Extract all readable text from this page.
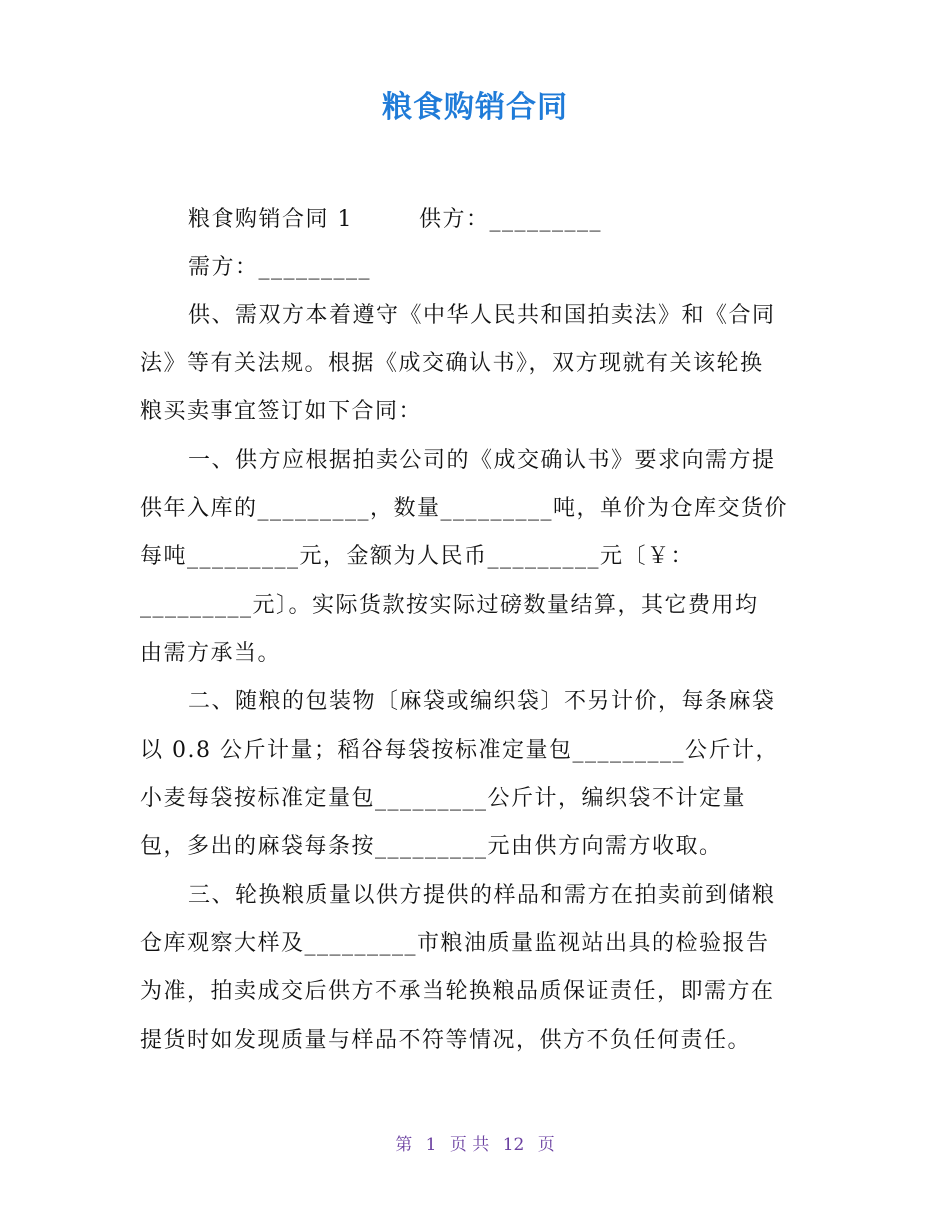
粮食购销合同
粮食购销合同 1	供方：_________
需方：_________
供、需双方本着遵守《中华人民共和国拍卖法》和《合同
法》等有关法规。根据《成交确认书》，双方现就有关该轮换
粮买卖事宜签订如下合同：
一、供方应根据拍卖公司的《成交确认书》要求向需方提
供年入库的_________，数量_________吨，单价为仓库交货价
每吨_________元，金额为人民币_________元〔￥：
_________元〕。实际货款按实际过磅数量结算，其它费用均
由需方承当。
二、随粮的包装物〔麻袋或编织袋〕不另计价，每条麻袋
以 0.8 公斤计量；稻谷每袋按标准定量包_________公斤计，
小麦每袋按标准定量包_________公斤计，编织袋不计定量
包，多出的麻袋每条按_________元由供方向需方收取。
三、轮换粮质量以供方提供的样品和需方在拍卖前到储粮
仓库观察大样及_________市粮油质量监视站出具的检验报告
为准，拍卖成交后供方不承当轮换粮品质保证责任，即需方在
提货时如发现质量与样品不符等情况，供方不负任何责任。
第 1 页 共 12 页
